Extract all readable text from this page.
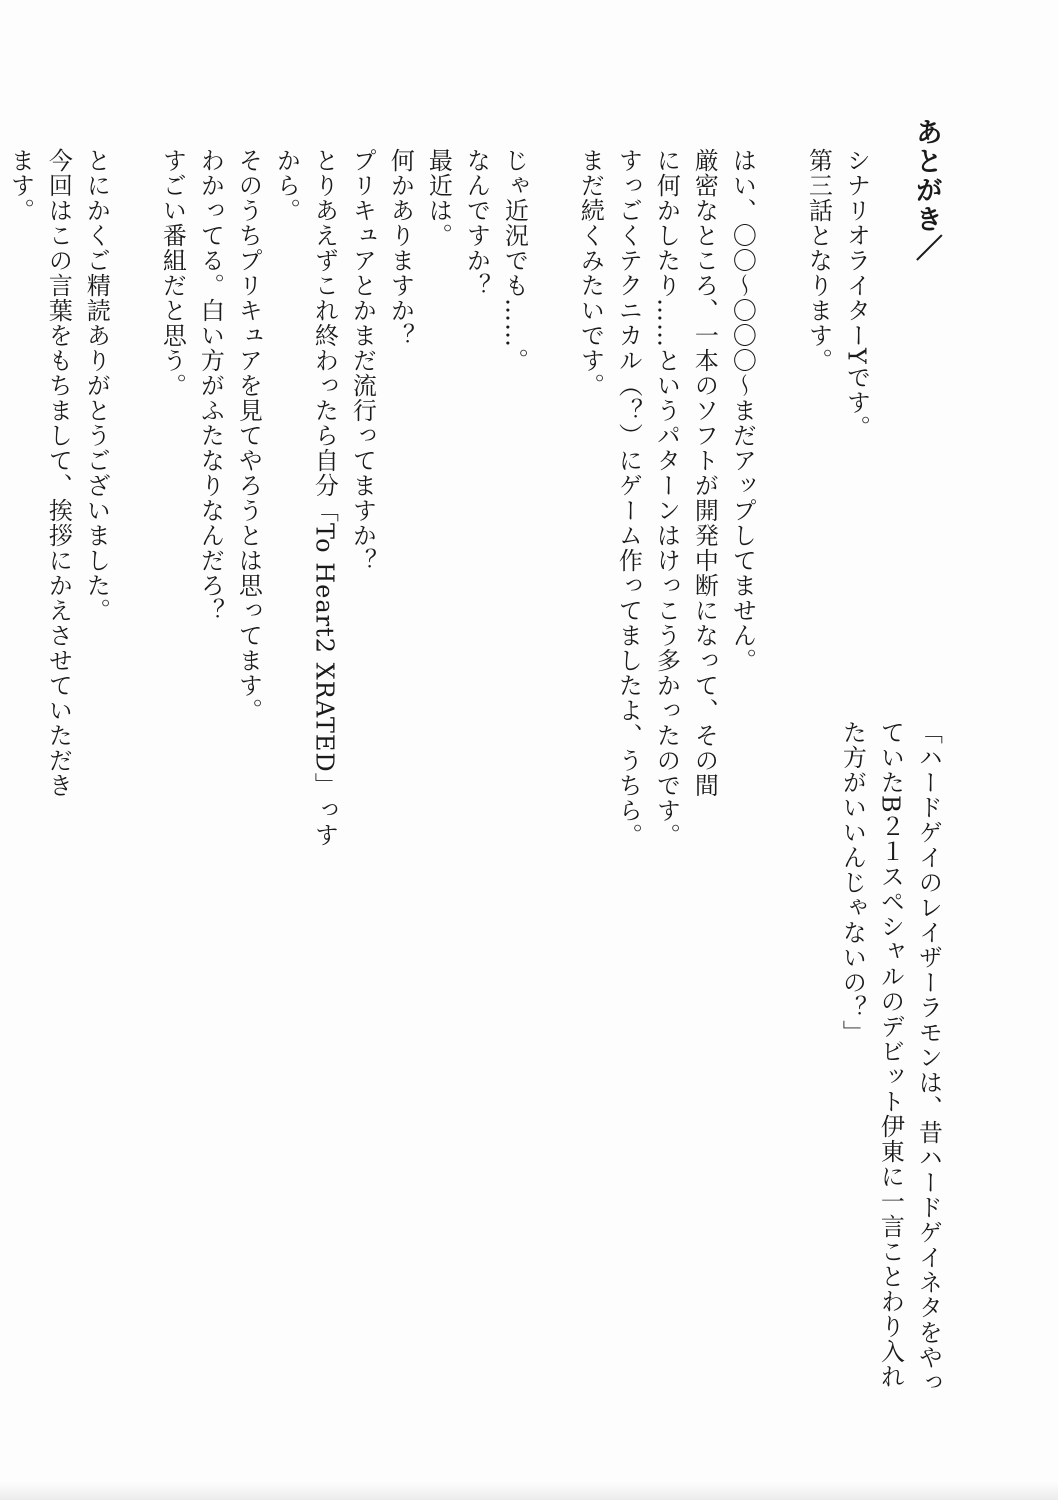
あとがき／

シナリオライターYです。

第三話となります。

はい、〇〇〜〇〇〇〜まだアップしてません。

厳密なところ、一本のソフトが開発中断になって、その間

に何かしたり……というパターンはけっこう多かったのです。

すっごくテクニカル（？）にゲーム作ってましたよ、うちら。

まだ続くみたいです。

じゃ近況でも……。

なんですか？

最近は。

何かありますか？

プリキュアとかまだ流行ってますか？

とりあえずこれ終わったら自分「To Heart2 XRATED」っす

から。

そのうちプリキュアを見てやろうとは思ってます。

わかってる。白い方がふたなりなんだろ？

すごい番組だと思う。

とにかくご精読ありがとうございました。

今回はこの言葉をもちまして、挨拶にかえさせていただき

ます。

「ハードゲイのレイザーラモンは、昔ハードゲイネタをやっ

ていたB２１スペシャルのデビット伊東に一言ことわり入れ

た方がいいんじゃないの？」
